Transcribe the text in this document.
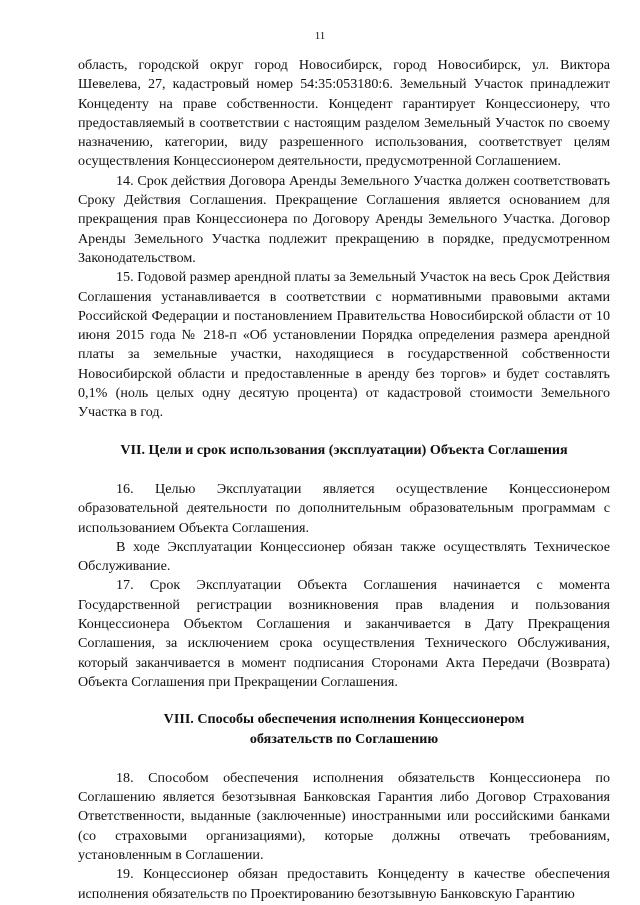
11

область, городской округ город Новосибирск, город Новосибирск, ул. Виктора Шевелева, 27, кадастровый номер 54:35:053180:6. Земельный Участок принадлежит Концеденту на праве собственности. Концедент гарантирует Концессионеру, что предоставляемый в соответствии с настоящим разделом Земельный Участок по своему назначению, категории, виду разрешенного использования, соответствует целям осуществления Концессионером деятельности, предусмотренной Соглашением.

14. Срок действия Договора Аренды Земельного Участка должен соответствовать Сроку Действия Соглашения. Прекращение Соглашения является основанием для прекращения прав Концессионера по Договору Аренды Земельного Участка. Договор Аренды Земельного Участка подлежит прекращению в порядке, предусмотренном Законодательством.

15. Годовой размер арендной платы за Земельный Участок на весь Срок Действия Соглашения устанавливается в соответствии с нормативными правовыми актами Российской Федерации и постановлением Правительства Новосибирской области от 10 июня 2015 года № 218-п «Об установлении Порядка определения размера арендной платы за земельные участки, находящиеся в государственной собственности Новосибирской области и предоставленные в аренду без торгов» и будет составлять 0,1% (ноль целых одну десятую процента) от кадастровой стоимости Земельного Участка в год.

VII. Цели и срок использования (эксплуатации) Объекта Соглашения

16. Целью Эксплуатации является осуществление Концессионером образовательной деятельности по дополнительным образовательным программам с использованием Объекта Соглашения.

В ходе Эксплуатации Концессионер обязан также осуществлять Техническое Обслуживание.

17. Срок Эксплуатации Объекта Соглашения начинается с момента Государственной регистрации возникновения прав владения и пользования Концессионера Объектом Соглашения и заканчивается в Дату Прекращения Соглашения, за исключением срока осуществления Технического Обслуживания, который заканчивается в момент подписания Сторонами Акта Передачи (Возврата) Объекта Соглашения при Прекращении Соглашения.

VIII. Способы обеспечения исполнения Концессионером
обязательств по Соглашению

18. Способом обеспечения исполнения обязательств Концессионера по Соглашению является безотзывная Банковская Гарантия либо Договор Страхования Ответственности, выданные (заключенные) иностранными или российскими банками (со страховыми организациями), которые должны отвечать требованиям, установленным в Соглашении.

19. Концессионер обязан предоставить Концеденту в качестве обеспечения исполнения обязательств по Проектированию безотзывную Банковскую Гарантию
